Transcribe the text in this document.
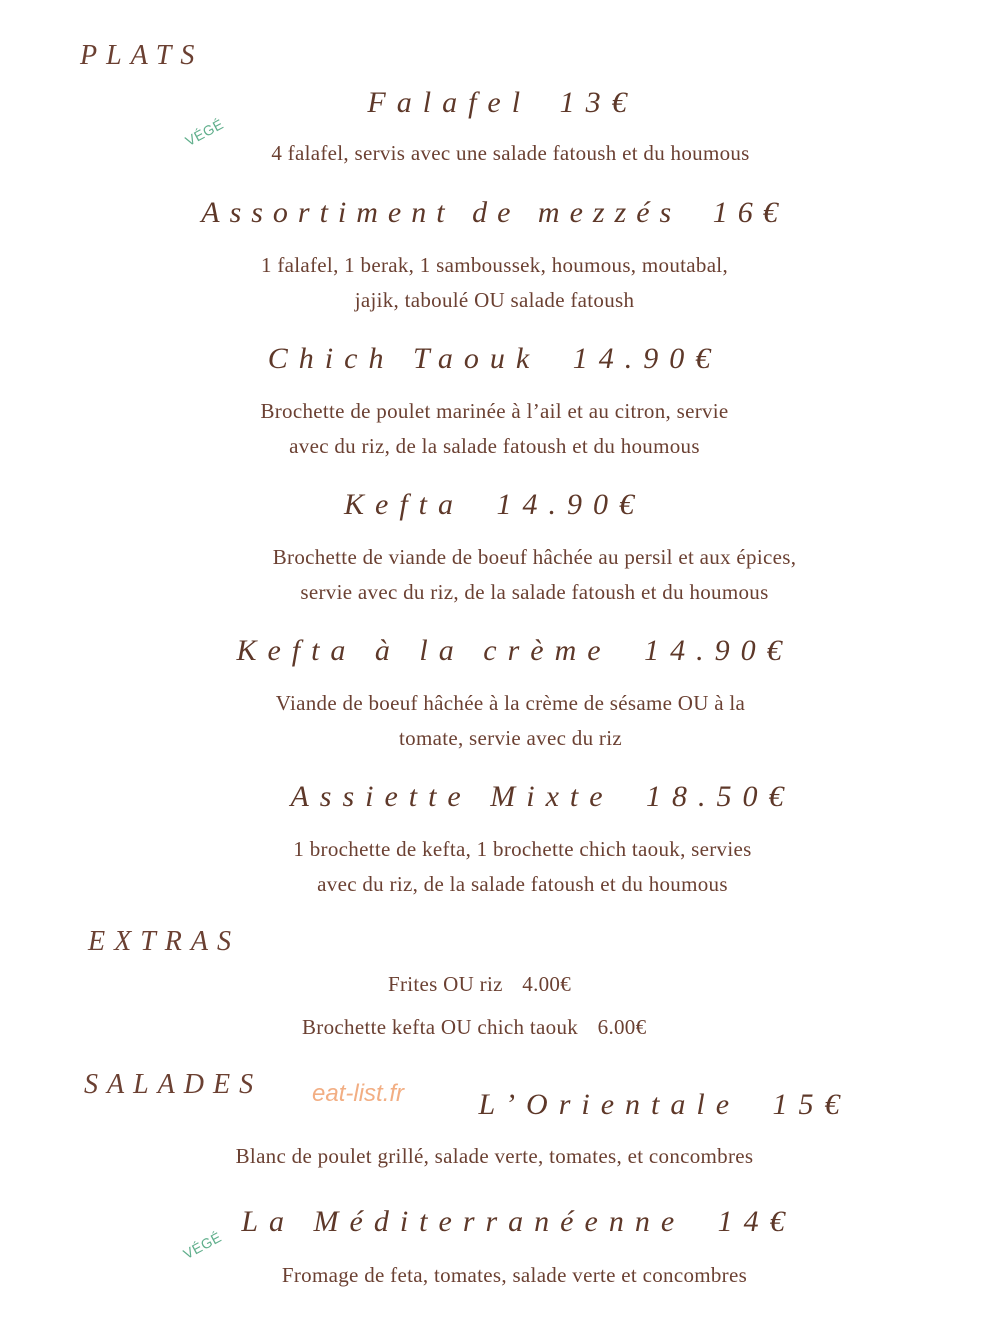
PLATS
Falafel 13€
VÉGÉ
4 falafel, servis avec une salade fatoush et du houmous
Assortiment de mezzés 16€
1 falafel, 1 berak, 1 samboussek, houmous, moutabal,
jajik, taboulé OU salade fatoush
Chich Taouk 14.90€
Brochette de poulet marinée à l’ail et au citron, servie
avec du riz, de la salade fatoush et du houmous
Kefta 14.90€
Brochette de viande de boeuf hâchée au persil et aux épices,
servie avec du riz, de la salade fatoush et du houmous
Kefta à la crème 14.90€
Viande de boeuf hâchée à la crème de sésame OU à la
tomate, servie avec du riz
Assiette Mixte 18.50€
1 brochette de kefta, 1 brochette chich taouk, servies
avec du riz, de la salade fatoush et du houmous
EXTRAS
Frites OU riz 4.00€
Brochette kefta OU chich taouk 6.00€
SALADES
L’Orientale 15€
eat-list.fr
Blanc de poulet grillé, salade verte, tomates, et concombres
La Méditerranéenne 14€
VÉGÉ
Fromage de feta, tomates, salade verte et concombres
